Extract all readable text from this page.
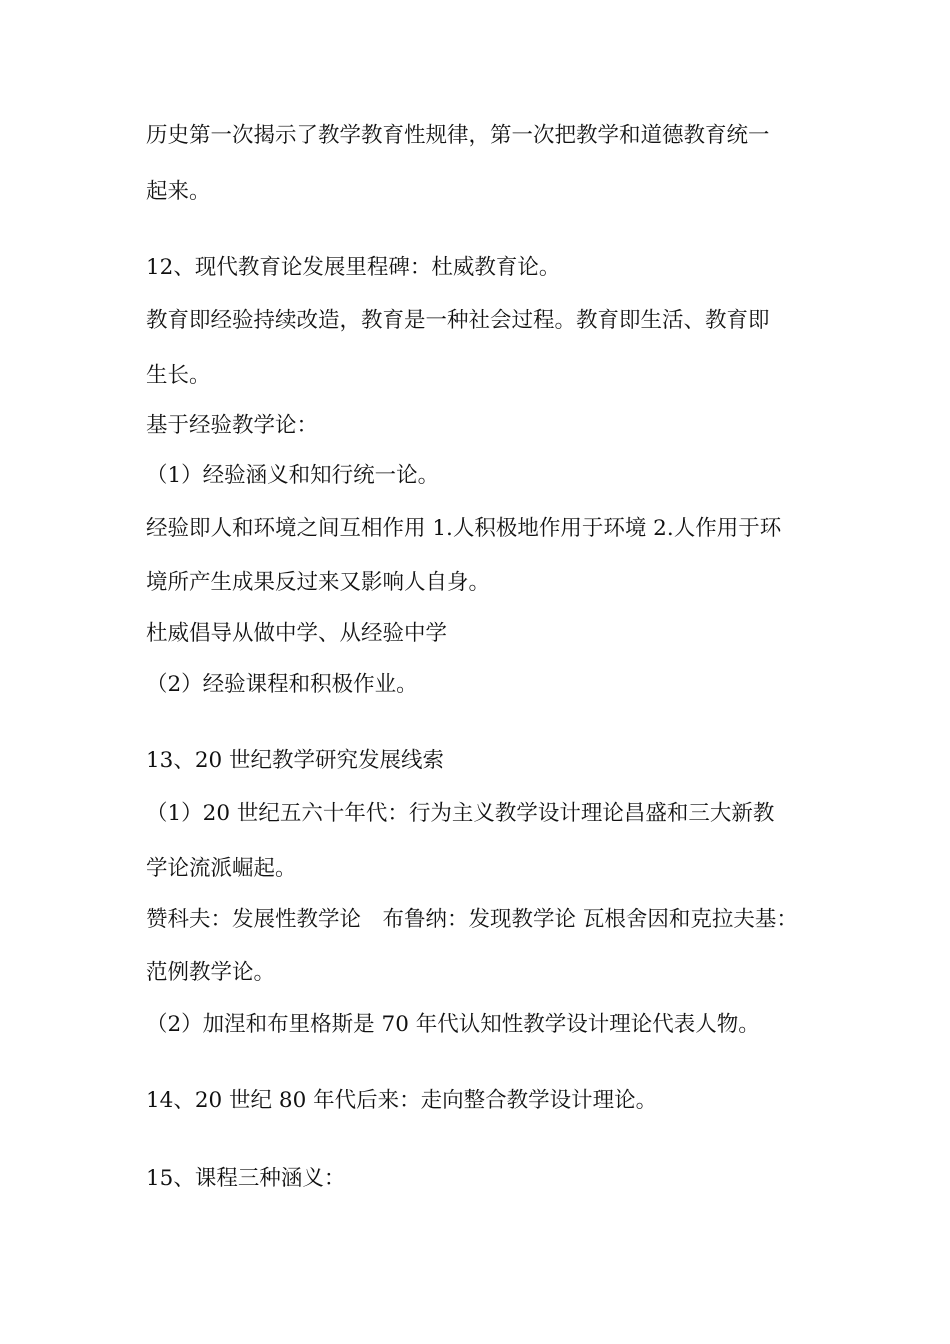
历史第一次揭示了教学教育性规律，第一次把教学和道德教育统一
起来。
12、现代教育论发展里程碑：杜威教育论。
教育即经验持续改造，教育是一种社会过程。教育即生活、教育即
生长。
基于经验教学论：
（1）经验涵义和知行统一论。
经验即人和环境之间互相作用 1.人积极地作用于环境 2.人作用于环
境所产生成果反过来又影响人自身。
杜威倡导从做中学、从经验中学
（2）经验课程和积极作业。
13、20 世纪教学研究发展线索
（1）20 世纪五六十年代：行为主义教学设计理论昌盛和三大新教
学论流派崛起。
赞科夫：发展性教学论　布鲁纳：发现教学论 瓦根舍因和克拉夫基：
范例教学论。
（2）加涅和布里格斯是 70 年代认知性教学设计理论代表人物。
14、20 世纪 80 年代后来：走向整合教学设计理论。
15、课程三种涵义：
